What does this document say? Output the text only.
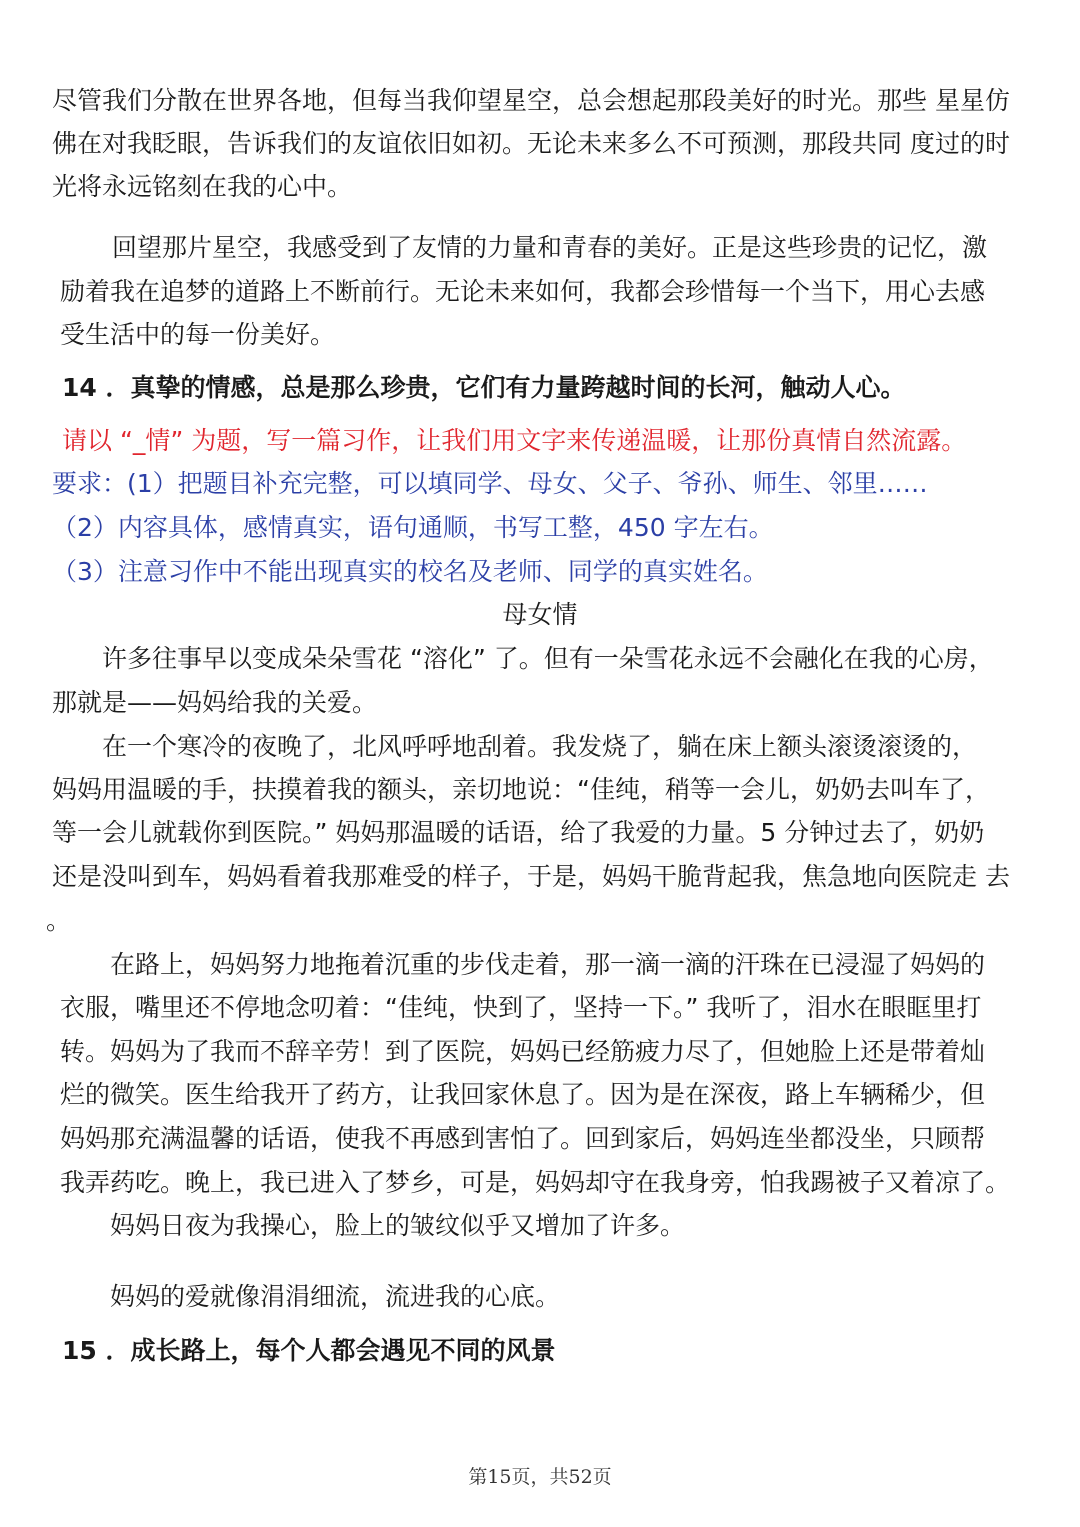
尽管我们分散在世界各地，但每当我仰望星空，总会想起那段美好的时光。那些 星星仿
佛在对我眨眼，告诉我们的友谊依旧如初。无论未来多么不可预测，那段共同 度过的时
光将永远铭刻在我的心中。
回望那片星空，我感受到了友情的力量和青春的美好。正是这些珍贵的记忆，激
励着我在追梦的道路上不断前行。无论未来如何，我都会珍惜每一个当下，用心去感
受生活中的每一份美好。
14 ．真挚的情感，总是那么珍贵，它们有力量跨越时间的长河，触动人心。
请以 “_情” 为题，写一篇习作，让我们用文字来传递温暖，让那份真情自然流露。
要求：(1）把题目补充完整，可以填同学、母女、父子、爷孙、师生、邻里……
（2）内容具体，感情真实，语句通顺，书写工整，450 字左右。
（3）注意习作中不能出现真实的校名及老师、同学的真实姓名。
母女情
许多往事早以变成朵朵雪花 “溶化” 了。但有一朵雪花永远不会融化在我的心房，
那就是——妈妈给我的关爱。
在一个寒冷的夜晚了，北风呼呼地刮着。我发烧了，躺在床上额头滚烫滚烫的，
妈妈用温暖的手，扶摸着我的额头，亲切地说：“佳纯，稍等一会儿，奶奶去叫车了，
等一会儿就载你到医院。” 妈妈那温暖的话语，给了我爱的力量。5 分钟过去了，奶奶
还是没叫到车，妈妈看着我那难受的样子，于是，妈妈干脆背起我，焦急地向医院走 去
。
在路上，妈妈努力地拖着沉重的步伐走着，那一滴一滴的汗珠在已浸湿了妈妈的
衣服，嘴里还不停地念叨着：“佳纯，快到了，坚持一下。” 我听了，泪水在眼眶里打
转。妈妈为了我而不辞辛劳！到了医院，妈妈已经筋疲力尽了，但她脸上还是带着灿
烂的微笑。医生给我开了药方，让我回家休息了。因为是在深夜，路上车辆稀少，但
妈妈那充满温馨的话语，使我不再感到害怕了。回到家后，妈妈连坐都没坐，只顾帮
我弄药吃。晚上，我已进入了梦乡，可是，妈妈却守在我身旁，怕我踢被子又着凉了。
妈妈日夜为我操心，脸上的皱纹似乎又增加了许多。
妈妈的爱就像涓涓细流，流进我的心底。
15 ．成长路上，每个人都会遇见不同的风景
第15页，共52页
